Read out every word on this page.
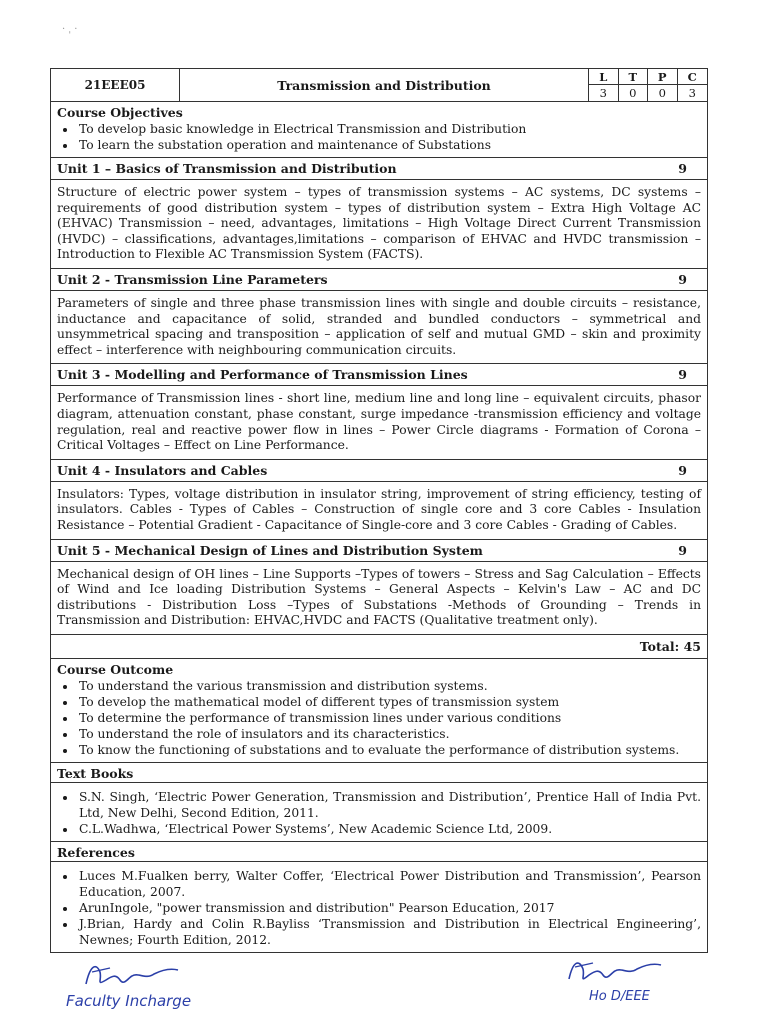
· ˌ ·
21EEE05	Transmission and Distribution
L	T	P	C
3	0	0	3
Course Objectives
• To develop basic knowledge in Electrical Transmission and Distribution
• To learn the substation operation and maintenance of Substations
Unit 1 – Basics of Transmission and Distribution	9
Structure of electric power system – types of transmission systems – AC systems, DC systems – requirements of good distribution system – types of distribution system – Extra High Voltage AC (EHVAC) Transmission – need, advantages, limitations – High Voltage Direct Current Transmission (HVDC) – classifications, advantages,limitations – comparison of EHVAC and HVDC transmission –Introduction to Flexible AC Transmission System (FACTS).
Unit 2 - Transmission Line Parameters	9
Parameters of single and three phase transmission lines with single and double circuits – resistance, inductance and capacitance of solid, stranded and bundled conductors – symmetrical and unsymmetrical spacing and transposition – application of self and mutual GMD – skin and proximity effect – interference with neighbouring communication circuits.
Unit 3 - Modelling and Performance of Transmission Lines	9
Performance of Transmission lines - short line, medium line and long line – equivalent circuits, phasor diagram, attenuation constant, phase constant, surge impedance -transmission efficiency and voltage regulation, real and reactive power flow in lines – Power Circle diagrams - Formation of Corona – Critical Voltages – Effect on Line Performance.
Unit 4 - Insulators and Cables	9
Insulators: Types, voltage distribution in insulator string, improvement of string efficiency, testing of insulators. Cables - Types of Cables – Construction of single core and 3 core Cables - Insulation Resistance – Potential Gradient - Capacitance of Single-core and 3 core Cables - Grading of Cables.
Unit 5 - Mechanical Design of Lines and Distribution System	9
Mechanical design of OH lines – Line Supports –Types of towers – Stress and Sag Calculation – Effects of Wind and Ice loading Distribution Systems – General Aspects – Kelvin's Law – AC and DC distributions - Distribution Loss –Types of Substations -Methods of Grounding – Trends in Transmission and Distribution: EHVAC,HVDC and FACTS (Qualitative treatment only).
Total: 45
Course Outcome
• To understand the various transmission and distribution systems.
• To develop the mathematical model of different types of transmission system
• To determine the performance of transmission lines under various conditions
• To understand the role of insulators and its characteristics.
• To know the functioning of substations and to evaluate the performance of distribution systems.
Text Books
• S.N. Singh, ‘Electric Power Generation, Transmission and Distribution’, Prentice Hall of India Pvt. Ltd, New Delhi, Second Edition, 2011.
• C.L.Wadhwa, ‘Electrical Power Systems’, New Academic Science Ltd, 2009.
References
• Luces M.Fualken berry, Walter Coffer, ‘Electrical Power Distribution and Transmission’, Pearson Education, 2007.
• ArunIngole, "power transmission and distribution" Pearson Education, 2017
• J.Brian, Hardy and Colin R.Bayliss ‘Transmission and Distribution in Electrical Engineering’, Newnes; Fourth Edition, 2012.
Faculty Incharge	Ho D/EEE
